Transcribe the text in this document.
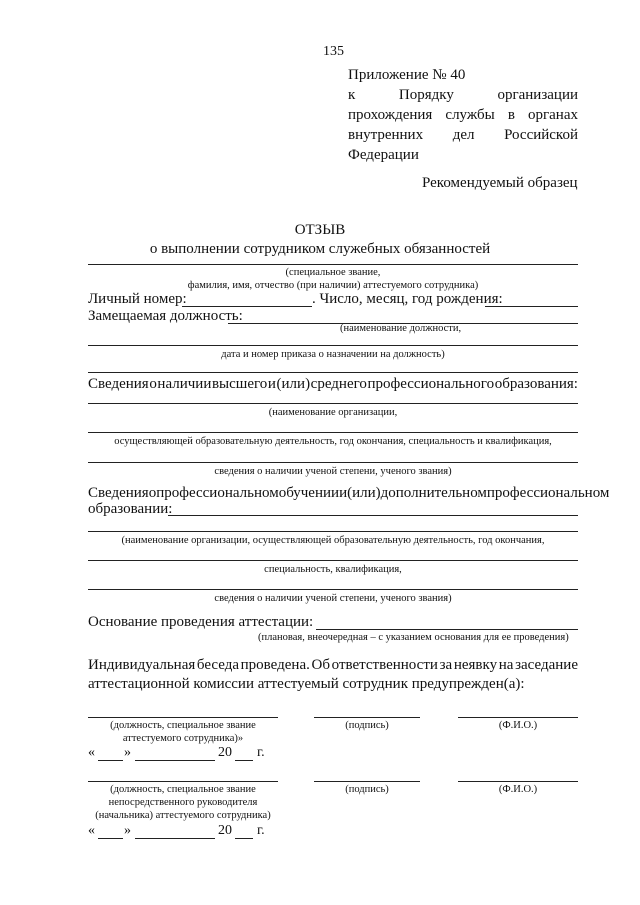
135
Приложение № 40
к	Порядку	организации
прохождения службы в органах
внутренних дел Российской
Федерации
Рекомендуемый образец
ОТЗЫВ
о выполнении сотрудником служебных обязанностей
(специальное звание,
фамилия, имя, отчество (при наличии) аттестуемого сотрудника)
Личный номер:	. Число, месяц, год рождения:
Замещаемая должность:
(наименование должности,
дата и номер приказа о назначении на должность)
Сведения о наличии высшего и (или) среднего профессионального образования:
(наименование организации,
осуществляющей образовательную деятельность, год окончания, специальность и квалификация,
сведения о наличии ученой степени, ученого звания)
Сведения о профессиональном обучении и (или) дополнительном профессиональном
образовании:
(наименование организации, осуществляющей образовательную деятельность, год окончания,
специальность, квалификация,
сведения о наличии ученой степени, ученого звания)
Основание проведения аттестации:
(плановая, внеочередная – с указанием основания для ее проведения)
Индивидуальная беседа проведена. Об ответственности за неявку на заседание
аттестационной комиссии аттестуемый сотрудник предупрежден(а):
(должность, специальное звание
аттестуемого сотрудника)»
(подпись)	(Ф.И.О.)
« »	20 г.
(должность, специальное звание
непосредственного руководителя
(начальника) аттестуемого сотрудника)
(подпись)	(Ф.И.О.)
« »	20 г.
